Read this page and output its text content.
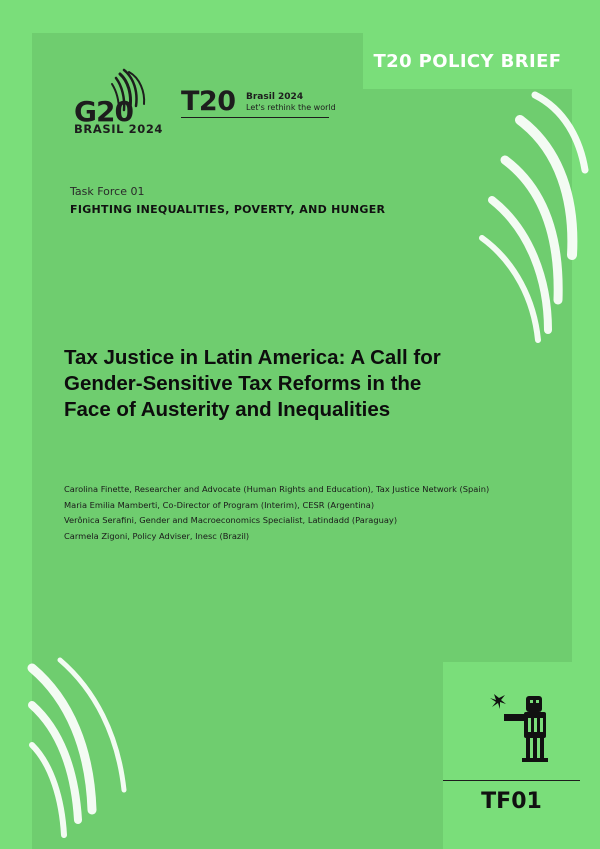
T20 POLICY BRIEF
G20
BRASIL 2024
T20 Brasil 2024
Let's rethink the world
Task Force 01
FIGHTING INEQUALITIES, POVERTY, AND HUNGER
Tax Justice in Latin America: A Call for
Gender-Sensitive Tax Reforms in the
Face of Austerity and Inequalities
Carolina Finette, Researcher and Advocate (Human Rights and Education), Tax Justice Network (Spain)
Maria Emilia Mamberti, Co-Director of Program (Interim), CESR (Argentina)
Verônica Serafini, Gender and Macroeconomics Specialist, Latindadd (Paraguay)
Carmela Zigoni, Policy Adviser, Inesc (Brazil)
TF01
